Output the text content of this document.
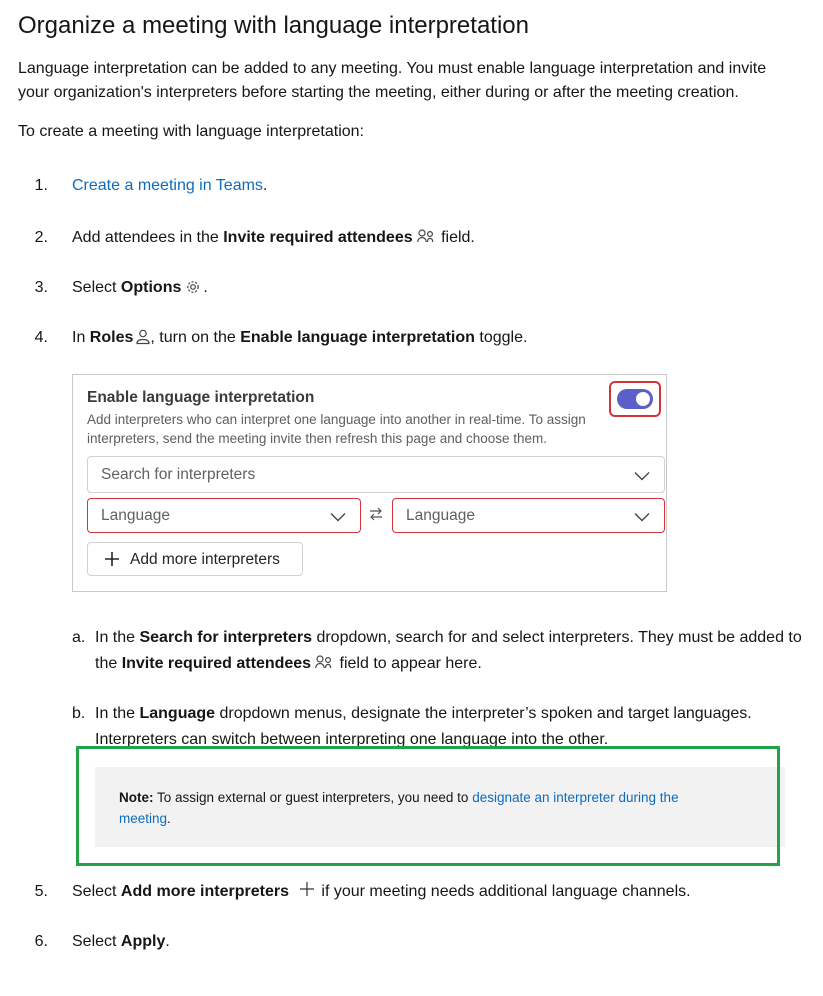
Organize a meeting with language interpretation
Language interpretation can be added to any meeting. You must enable language interpretation and invite
your organization's interpreters before starting the meeting, either during or after the meeting creation.
To create a meeting with language interpretation:
1. Create a meeting in Teams.
2. Add attendees in the Invite required attendees field.
3. Select Options .
4. In Roles , turn on the Enable language interpretation toggle.
Enable language interpretation
Add interpreters who can interpret one language into another in real-time. To assign interpreters, send the meeting invite then refresh this page and choose them.
Search for interpreters
Language	Language
Add more interpreters
a. In the Search for interpreters dropdown, search for and select interpreters. They must be added to
the Invite required attendees field to appear here.
b. In the Language dropdown menus, designate the interpreter’s spoken and target languages.
Interpreters can switch between interpreting one language into the other.
Note: To assign external or guest interpreters, you need to designate an interpreter during the
meeting.
5. Select Add more interpreters if your meeting needs additional language channels.
6. Select Apply.
